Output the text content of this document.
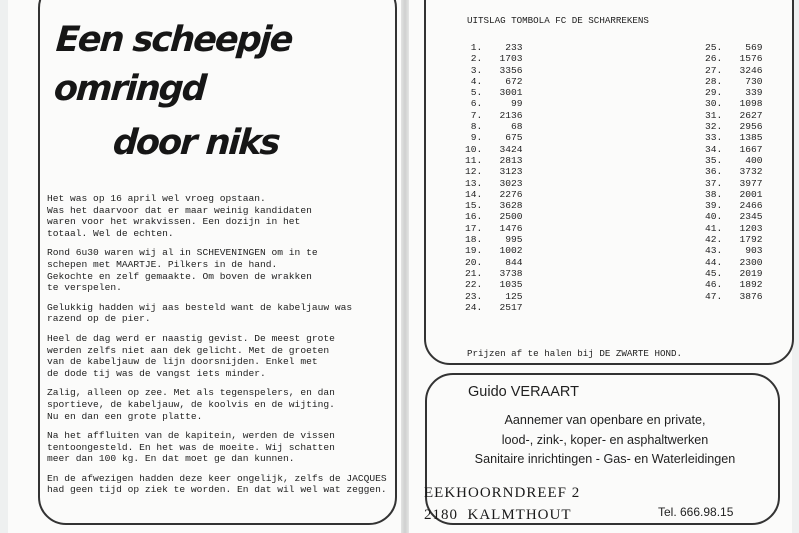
Een scheepje
omringd
door niks

Het was op 16 april wel vroeg opstaan.
Was het daarvoor dat er maar weinig kandidaten
waren voor het wrakvissen. Een dozijn in het
totaal. Wel de echten.

Rond 6u30 waren wij al in SCHEVENINGEN om in te
schepen met MAARTJE. Pilkers in de hand.
Gekochte en zelf gemaakte. Om boven de wrakken
te verspelen.

Gelukkig hadden wij aas besteld want de kabeljauw was
razend op de pier.

Heel de dag werd er naastig gevist. De meest grote
werden zelfs niet aan dek gelicht. Met de groeten
van de kabeljauw de lijn doorsnijden. Enkel met
de dode tij was de vangst iets minder.

Zalig, alleen op zee. Met als tegenspelers, en dan
sportieve, de kabeljauw, de koolvis en de wijting.
Nu en dan een grote platte.

Na het affluiten van de kapitein, werden de vissen
tentoongesteld. En het was de moeite. Wij schatten
meer dan 100 kg. En dat moet ge dan kunnen.

En de afwezigen hadden deze keer ongelijk, zelfs de JACQUES
had geen tijd op ziek te worden. En dat wil wel wat zeggen.

UITSLAG TOMBOLA FC DE SCHARREKENS
1. 233
2. 1703
3. 3356
4. 672
5. 3001
6.	99
7. 2136
8.	68
9. 675
10. 3424
11. 2813
12. 3123
13. 3023
14. 2276
15. 3628
16. 2500
17. 1476
18. 995
19. 1002
20. 844
21. 3738
22. 1035
23. 125
24. 2517
25. 569
26. 1576
27. 3246
28. 730
29. 339
30. 1098
31. 2627
32. 2956
33. 1385
34. 1667
35. 400
36. 3732
37. 3977
38. 2001
39. 2466
40. 2345
41. 1203
42. 1792
43. 903
44. 2300
45. 2019
46. 1892
47. 3876
Prijzen af te halen bij DE ZWARTE HOND.
Guido VERAART
Aannemer van openbare en private,
lood-, zink-, koper- en asphaltwerken
Sanitaire inrichtingen - Gas- en Waterleidingen
EEKHOORNDREEF 2
2180  KALMTHOUT	Tel. 666.98.15
